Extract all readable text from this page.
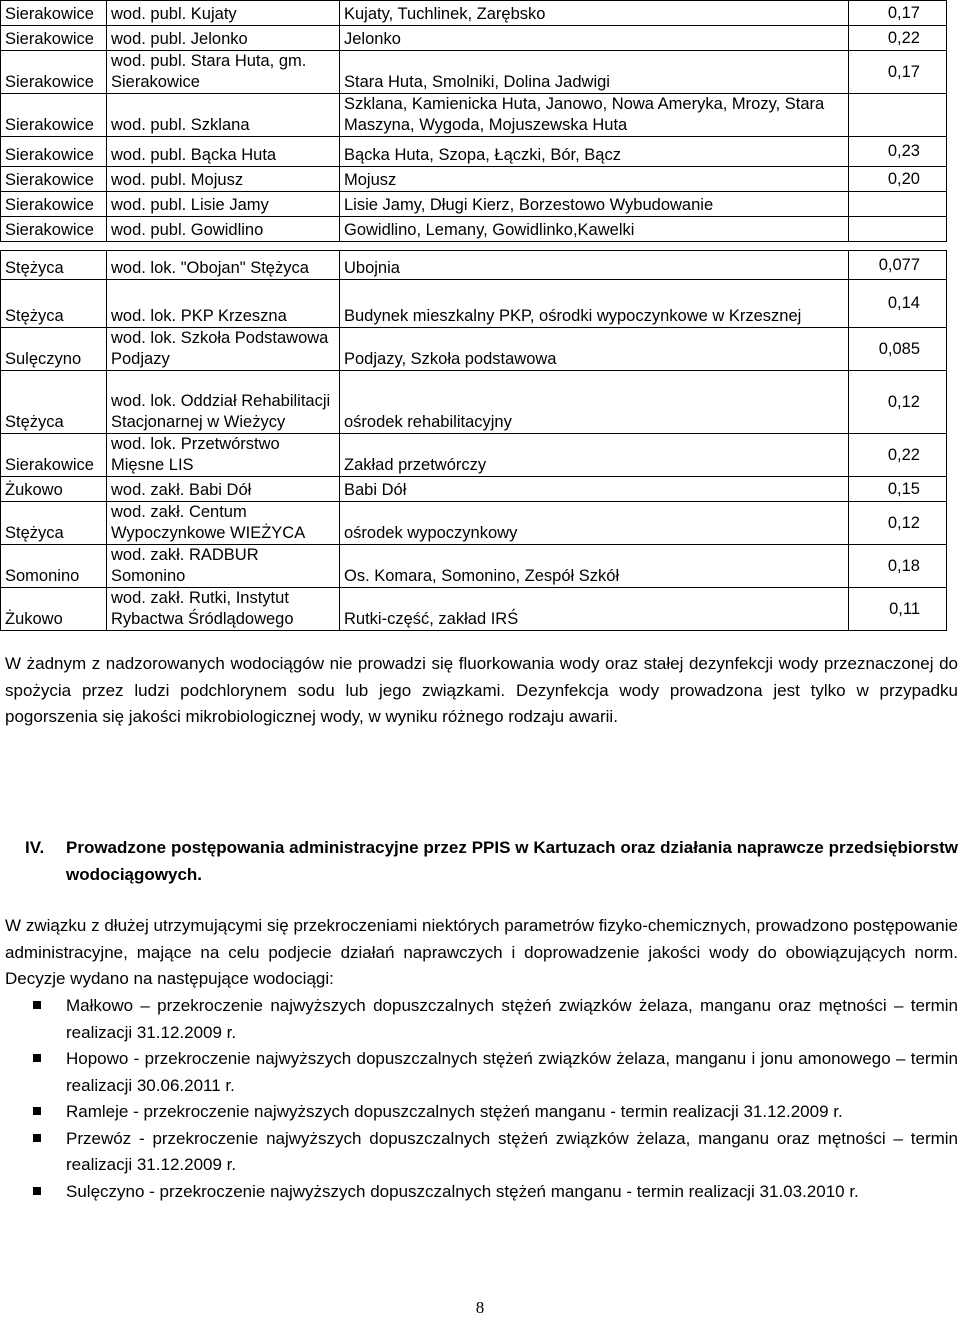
Sierakowice	wod. publ. Kujaty	Kujaty, Tuchlinek, Zarębsko	0,17
Sierakowice	wod. publ. Jelonko	Jelonko	0,22
Sierakowice	wod. publ. Stara Huta, gm. Sierakowice	Stara Huta, Smolniki, Dolina Jadwigi	0,17
Sierakowice	wod. publ. Szklana	Szklana, Kamienicka Huta, Janowo, Nowa Ameryka, Mrozy, Stara Maszyna, Wygoda, Mojuszewska Huta	
Sierakowice	wod. publ. Bącka Huta	Bącka Huta, Szopa, Łączki, Bór, Bącz	0,23
Sierakowice	wod. publ. Mojusz	Mojusz	0,20
Sierakowice	wod. publ. Lisie Jamy	Lisie Jamy, Długi Kierz, Borzestowo Wybudowanie	
Sierakowice	wod. publ. Gowidlino	Gowidlino, Lemany, Gowidlinko,Kawelki	

Stężyca	wod. lok. "Obojan" Stężyca	Ubojnia	0,077
Stężyca	wod. lok. PKP Krzeszna	Budynek mieszkalny PKP, ośrodki wypoczynkowe w Krzesznej	0,14
Sulęczyno	wod. lok. Szkoła Podstawowa Podjazy	Podjazy, Szkoła podstawowa	0,085
Stężyca	wod. lok. Oddział Rehabilitacji Stacjonarnej w Wieżycy	ośrodek rehabilitacyjny	0,12
Sierakowice	wod. lok. Przetwórstwo Mięsne LIS	Zakład przetwórczy	0,22
Żukowo	wod. zakł. Babi Dół	Babi Dół	0,15
Stężyca	wod. zakł. Centum Wypoczynkowe WIEŻYCA	ośrodek wypoczynkowy	0,12
Somonino	wod. zakł. RADBUR Somonino	Os. Komara, Somonino, Zespół Szkół	0,18
Żukowo	wod. zakł. Rutki, Instytut Rybactwa Śródlądowego	Rutki-część, zakład IRŚ	0,11

W żadnym z nadzorowanych wodociągów nie prowadzi się fluorkowania wody oraz stałej dezynfekcji wody przeznaczonej do spożycia przez ludzi podchlorynem sodu lub jego związkami. Dezynfekcja wody prowadzona jest tylko w przypadku pogorszenia się jakości mikrobiologicznej wody, w wyniku różnego rodzaju awarii.

IV. Prowadzone postępowania administracyjne przez PPIS w Kartuzach oraz działania naprawcze przedsiębiorstw wodociągowych.

W związku z dłużej utrzymującymi się przekroczeniami niektórych parametrów fizyko-chemicznych, prowadzono postępowanie administracyjne, mające na celu podjecie działań naprawczych i doprowadzenie jakości wody do obowiązujących norm. Decyzje wydano na następujące wodociągi:

Małkowo – przekroczenie najwyższych dopuszczalnych stężeń związków żelaza, manganu oraz mętności – termin realizacji 31.12.2009 r.
Hopowo - przekroczenie najwyższych dopuszczalnych stężeń związków żelaza, manganu i jonu amonowego – termin realizacji 30.06.2011 r.
Ramleje - przekroczenie najwyższych dopuszczalnych stężeń manganu - termin realizacji 31.12.2009 r.
Przewóz - przekroczenie najwyższych dopuszczalnych stężeń związków żelaza, manganu oraz mętności – termin realizacji 31.12.2009 r.
Sulęczyno - przekroczenie najwyższych dopuszczalnych stężeń manganu - termin realizacji 31.03.2010 r.
8
